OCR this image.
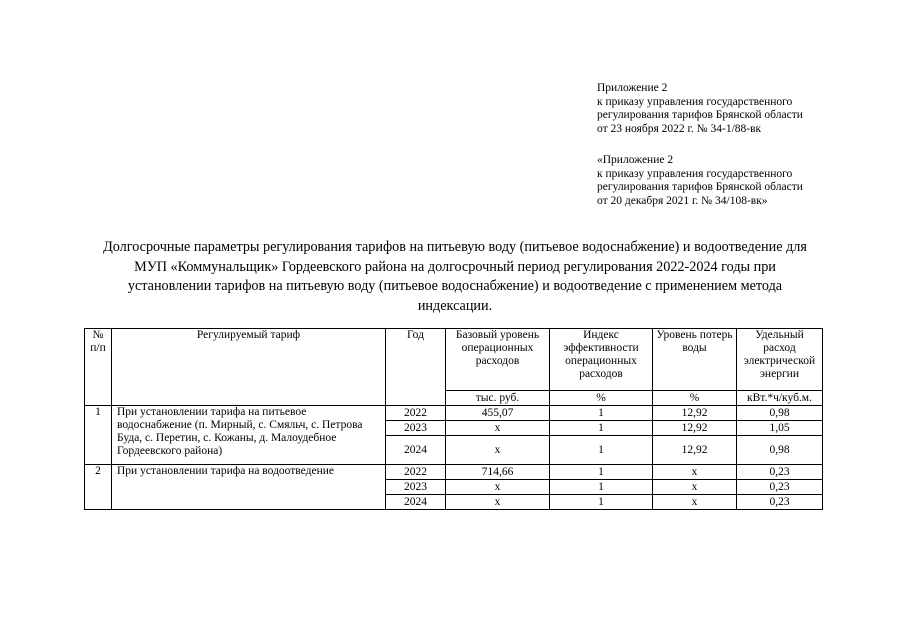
Приложение 2
к приказу управления государственного
регулирования тарифов Брянской области
от 23 ноября 2022 г. № 34-1/88-вк
«Приложение 2
к приказу управления государственного
регулирования тарифов Брянской области
от 20 декабря 2021 г. № 34/108-вк»
Долгосрочные параметры регулирования тарифов на питьевую воду (питьевое водоснабжение) и водоотведение для
МУП «Коммунальщик» Гордеевского района на долгосрочный период регулирования 2022-2024 годы при
установлении тарифов на питьевую воду (питьевое водоснабжение) и водоотведение с применением метода
индексации.
№ п/п	Регулируемый тариф	Год	Базовый уровень операционных расходов	Индекс эффективности операционных расходов	Уровень потерь воды	Удельный расход электрической энергии
			тыс. руб.	%	%	кВт.*ч/куб.м.
1	При установлении тарифа на питьевое водоснабжение (п. Мирный, с. Смяльч, с. Петрова Буда, с. Перетин, с. Кожаны, д. Малоудебное Гордеевского района)	2022	455,07	1	12,92	0,98
		2023	х	1	12,92	1,05
		2024	х	1	12,92	0,98
2	При установлении тарифа на водоотведение	2022	714,66	1	х	0,23
		2023	х	1	х	0,23
		2024	х	1	х	0,23
